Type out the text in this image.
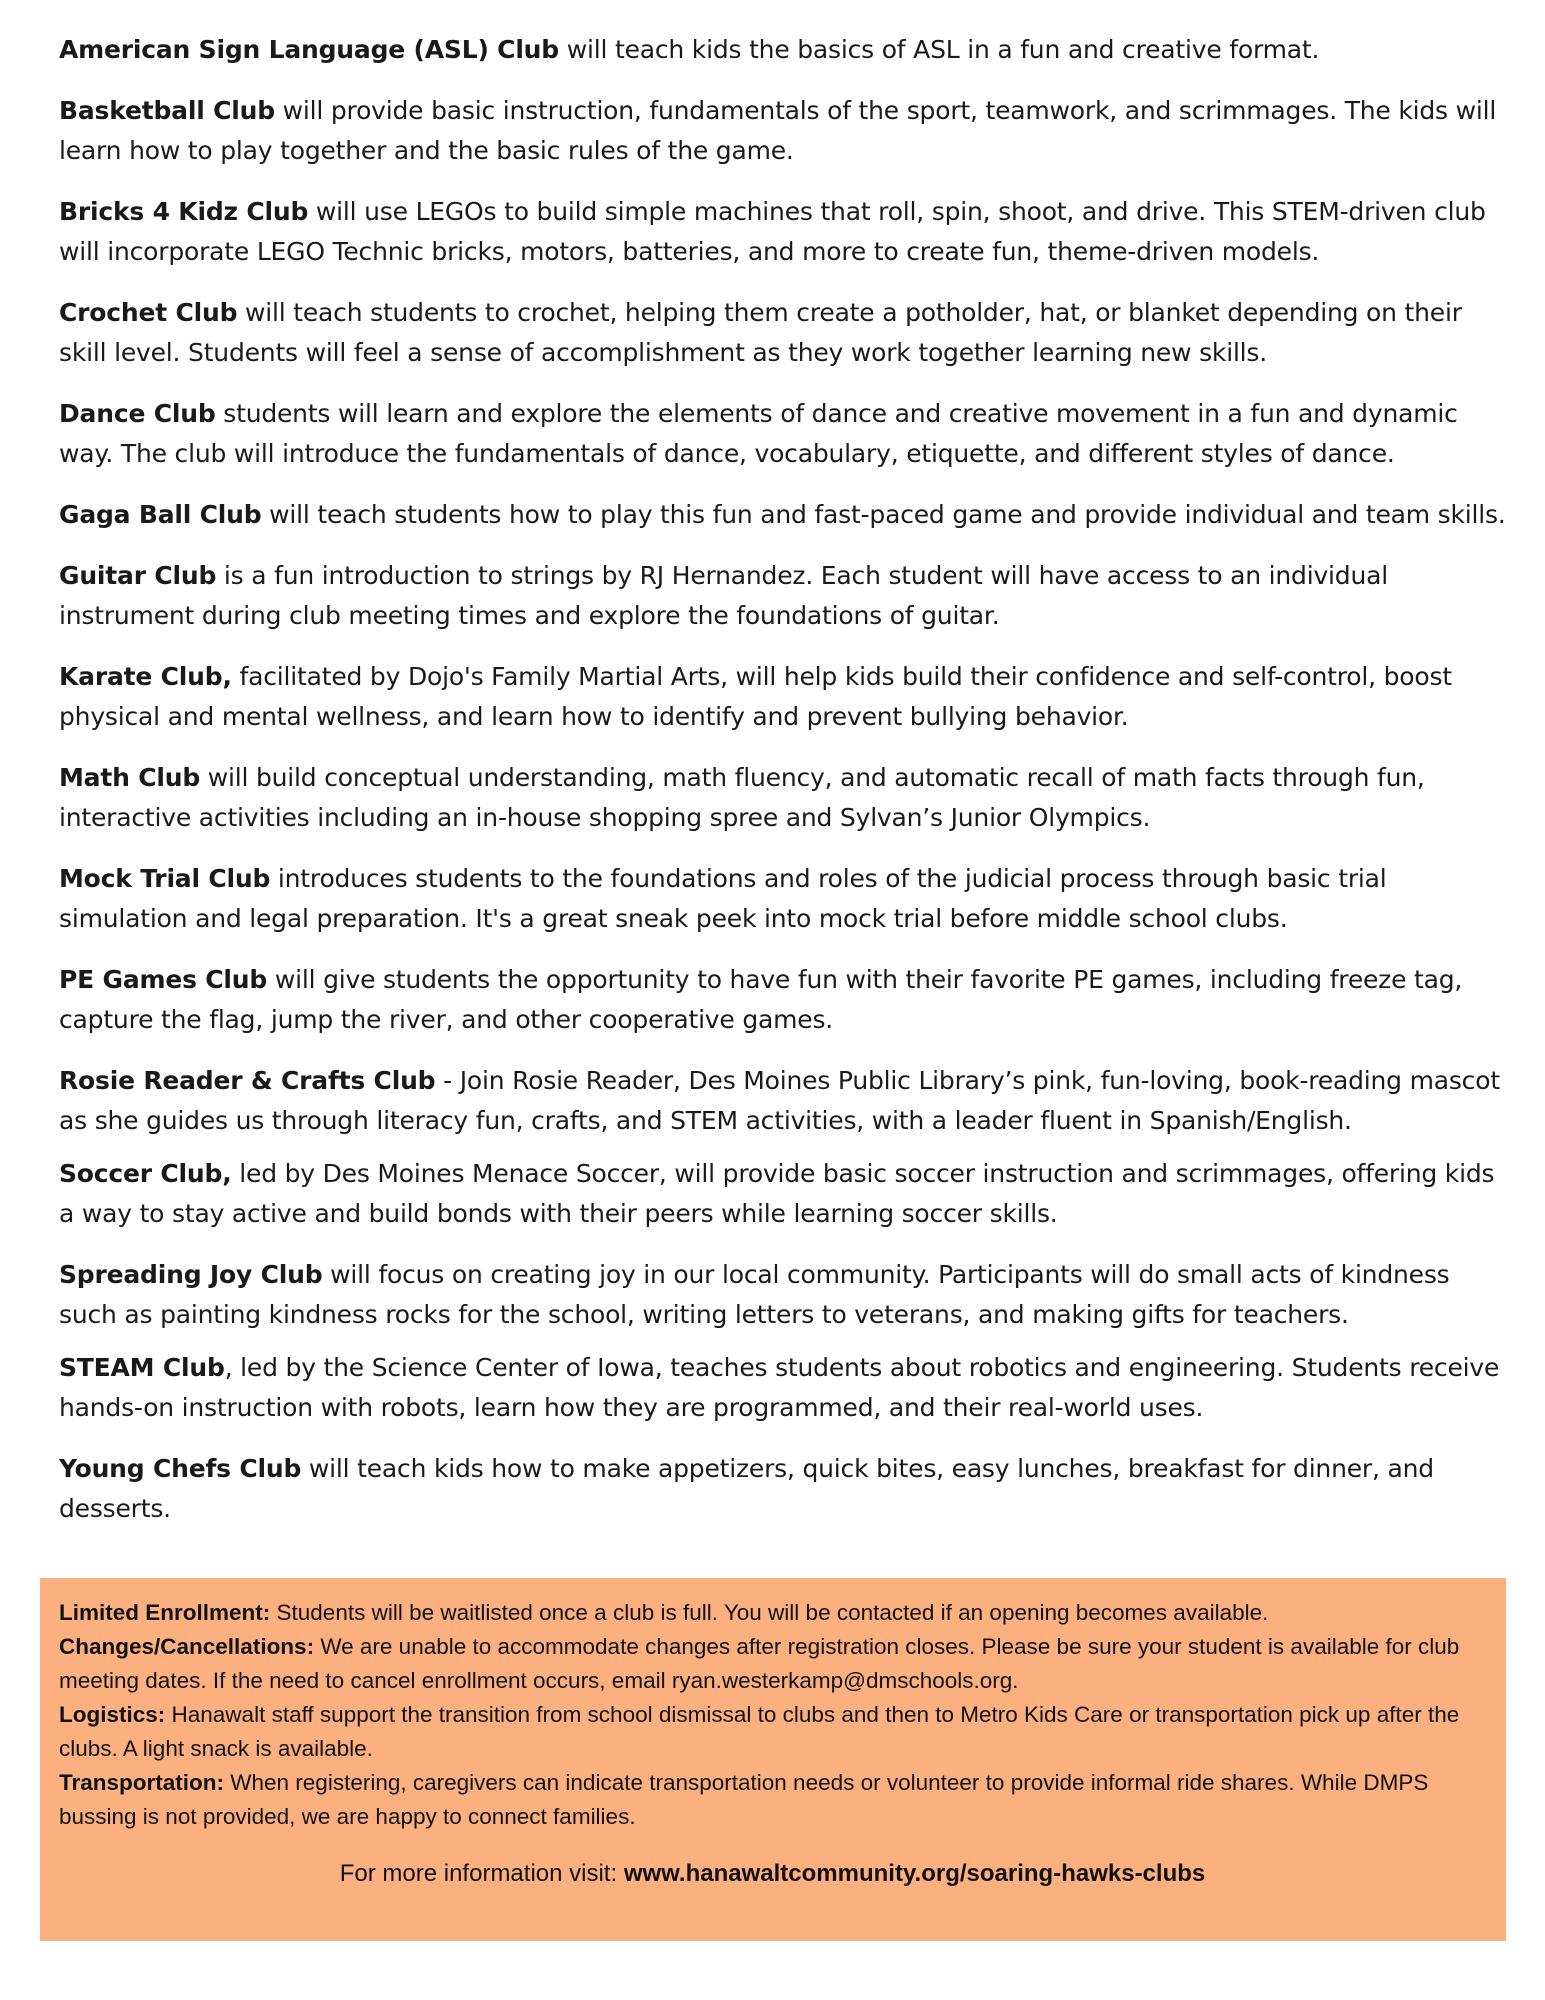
American Sign Language (ASL) Club will teach kids the basics of ASL in a fun and creative format.

Basketball Club will provide basic instruction, fundamentals of the sport, teamwork, and scrimmages. The kids will learn how to play together and the basic rules of the game.

Bricks 4 Kidz Club will use LEGOs to build simple machines that roll, spin, shoot, and drive. This STEM-driven club will incorporate LEGO Technic bricks, motors, batteries, and more to create fun, theme-driven models.

Crochet Club will teach students to crochet, helping them create a potholder, hat, or blanket depending on their skill level. Students will feel a sense of accomplishment as they work together learning new skills.

Dance Club students will learn and explore the elements of dance and creative movement in a fun and dynamic way. The club will introduce the fundamentals of dance, vocabulary, etiquette, and different styles of dance.

Gaga Ball Club will teach students how to play this fun and fast-paced game and provide individual and team skills.

Guitar Club is a fun introduction to strings by RJ Hernandez. Each student will have access to an individual instrument during club meeting times and explore the foundations of guitar.

Karate Club, facilitated by Dojo's Family Martial Arts, will help kids build their confidence and self-control, boost physical and mental wellness, and learn how to identify and prevent bullying behavior.

Math Club will build conceptual understanding, math fluency, and automatic recall of math facts through fun, interactive activities including an in-house shopping spree and Sylvan’s Junior Olympics.

Mock Trial Club introduces students to the foundations and roles of the judicial process through basic trial simulation and legal preparation. It's a great sneak peek into mock trial before middle school clubs.

PE Games Club will give students the opportunity to have fun with their favorite PE games, including freeze tag, capture the flag, jump the river, and other cooperative games.

Rosie Reader & Crafts Club - Join Rosie Reader, Des Moines Public Library’s pink, fun-loving, book-reading mascot as she guides us through literacy fun, crafts, and STEM activities, with a leader fluent in Spanish/English.

Soccer Club, led by Des Moines Menace Soccer, will provide basic soccer instruction and scrimmages, offering kids a way to stay active and build bonds with their peers while learning soccer skills.

Spreading Joy Club will focus on creating joy in our local community. Participants will do small acts of kindness such as painting kindness rocks for the school, writing letters to veterans, and making gifts for teachers.

STEAM Club, led by the Science Center of Iowa, teaches students about robotics and engineering. Students receive hands-on instruction with robots, learn how they are programmed, and their real-world uses.

Young Chefs Club will teach kids how to make appetizers, quick bites, easy lunches, breakfast for dinner, and desserts.

Limited Enrollment: Students will be waitlisted once a club is full. You will be contacted if an opening becomes available.
Changes/Cancellations: We are unable to accommodate changes after registration closes. Please be sure your student is available for club meeting dates. If the need to cancel enrollment occurs, email ryan.westerkamp@dmschools.org.
Logistics: Hanawalt staff support the transition from school dismissal to clubs and then to Metro Kids Care or transportation pick up after the clubs. A light snack is available.
Transportation: When registering, caregivers can indicate transportation needs or volunteer to provide informal ride shares. While DMPS bussing is not provided, we are happy to connect families.
For more information visit: www.hanawaltcommunity.org/soaring-hawks-clubs
